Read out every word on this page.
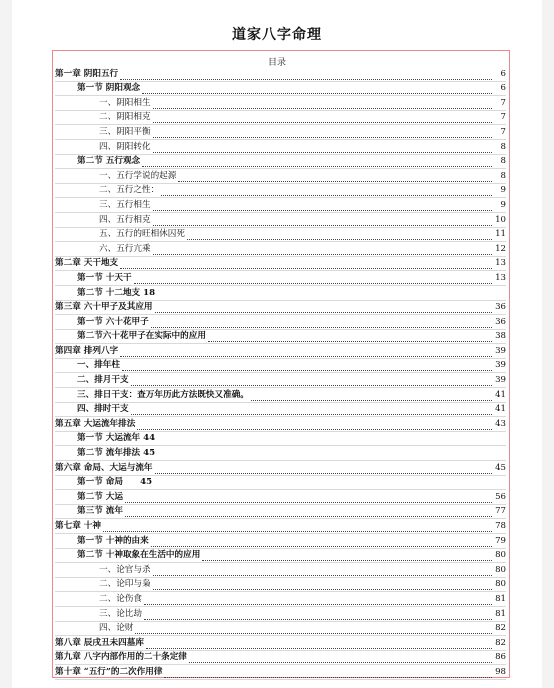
道家八字命理
目录
第一章 阴阳五行	6
第一节 阴阳观念	6
一、阴阳相生	7
二、阴阳相克	7
三、阴阳平衡	7
四、阴阳转化	8
第二节 五行观念	8
一、五行学说的起源	8
二、五行之性：	9
三、五行相生	9
四、五行相克	10
五、五行的旺相休囚死	11
六、五行亢乘	12
第二章 天干地支	13
第一节 十天干	13
第二节 十二地支 18
第三章 六十甲子及其应用	36
第一节 六十花甲子	36
第二节六十花甲子在实际中的应用	38
第四章 排列八字	39
一、排年柱	39
二、排月干支	39
三、排日干支：查万年历此方法既快又准确。	41
四、排时干支	41
第五章 大运流年排法	43
第一节 大运流年 44
第二节 流年排法 45
第六章 命局、大运与流年	45
第一节 命局　　45
第二节 大运	56
第三节 流年	77
第七章 十神	78
第一节 十神的由来	79
第二节 十神取象在生活中的应用	80
一、论官与杀	80
二、论印与枭	80
二、论伤食	81
三、论比劫	81
四、论财	82
第八章 辰戌丑未四墓库	82
第九章 八字内部作用的二十条定律	86
第十章 “五行”的二次作用律	98
